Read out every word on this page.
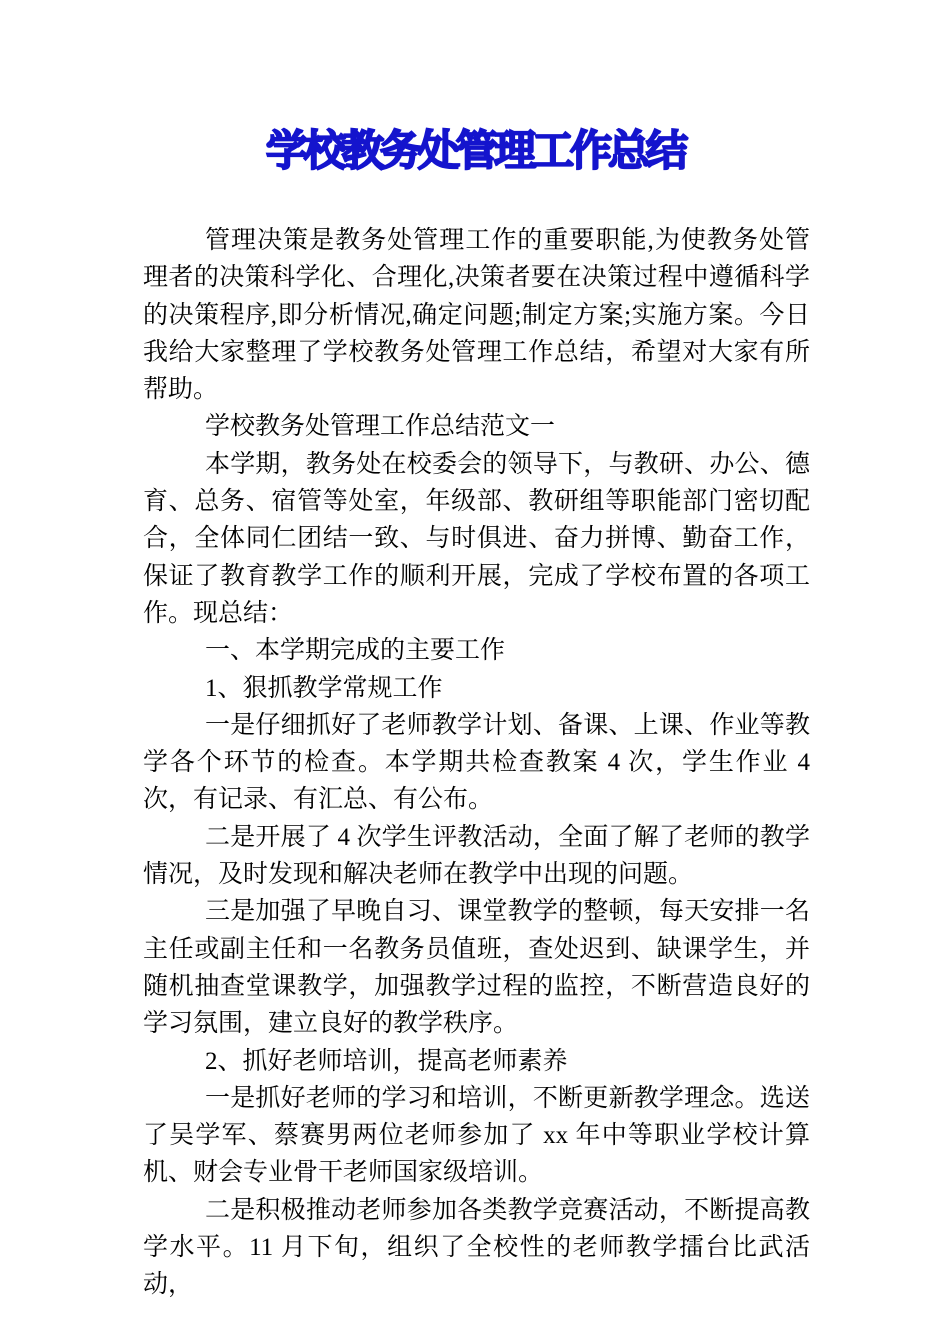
学校教务处管理工作总结
管理决策是教务处管理工作的重要职能,为使教务处管理者的决策科学化、合理化,决策者要在决策过程中遵循科学的决策程序,即分析情况,确定问题;制定方案;实施方案。今日我给大家整理了学校教务处管理工作总结，希望对大家有所帮助。
学校教务处管理工作总结范文一
本学期，教务处在校委会的领导下，与教研、办公、德育、总务、宿管等处室，年级部、教研组等职能部门密切配合，全体同仁团结一致、与时俱进、奋力拼博、勤奋工作，保证了教育教学工作的顺利开展，完成了学校布置的各项工作。现总结：
一、本学期完成的主要工作
1、狠抓教学常规工作
一是仔细抓好了老师教学计划、备课、上课、作业等教学各个环节的检查。本学期共检查教案 4 次，学生作业 4 次，有记录、有汇总、有公布。
二是开展了 4 次学生评教活动，全面了解了老师的教学情况，及时发现和解决老师在教学中出现的问题。
三是加强了早晚自习、课堂教学的整顿，每天安排一名主任或副主任和一名教务员值班，查处迟到、缺课学生，并随机抽查堂课教学，加强教学过程的监控，不断营造良好的学习氛围，建立良好的教学秩序。
2、抓好老师培训，提高老师素养
一是抓好老师的学习和培训，不断更新教学理念。选送了吴学军、蔡赛男两位老师参加了 xx 年中等职业学校计算机、财会专业骨干老师国家级培训。
二是积极推动老师参加各类教学竞赛活动，不断提高教学水平。11 月下旬，组织了全校性的老师教学擂台比武活动，
